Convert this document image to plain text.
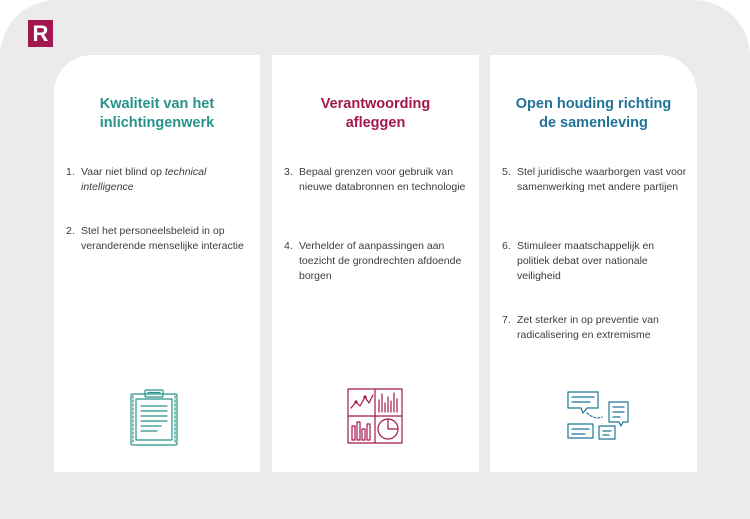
R
Kwaliteit van het inlichtingenwerk
1. Vaar niet blind op technical intelligence
2. Stel het personeelsbeleid in op veranderende menselijke interactie
Verantwoording afleggen
3. Bepaal grenzen voor gebruik van nieuwe databronnen en technologie
4. Verhelder of aanpassingen aan toezicht de grondrechten afdoende borgen
Open houding richting de samenleving
5. Stel juridische waarborgen vast voor samenwerking met andere partijen
6. Stimuleer maatschappelijk en politiek debat over nationale veiligheid
7. Zet sterker in op preventie van radicalisering en extremisme
